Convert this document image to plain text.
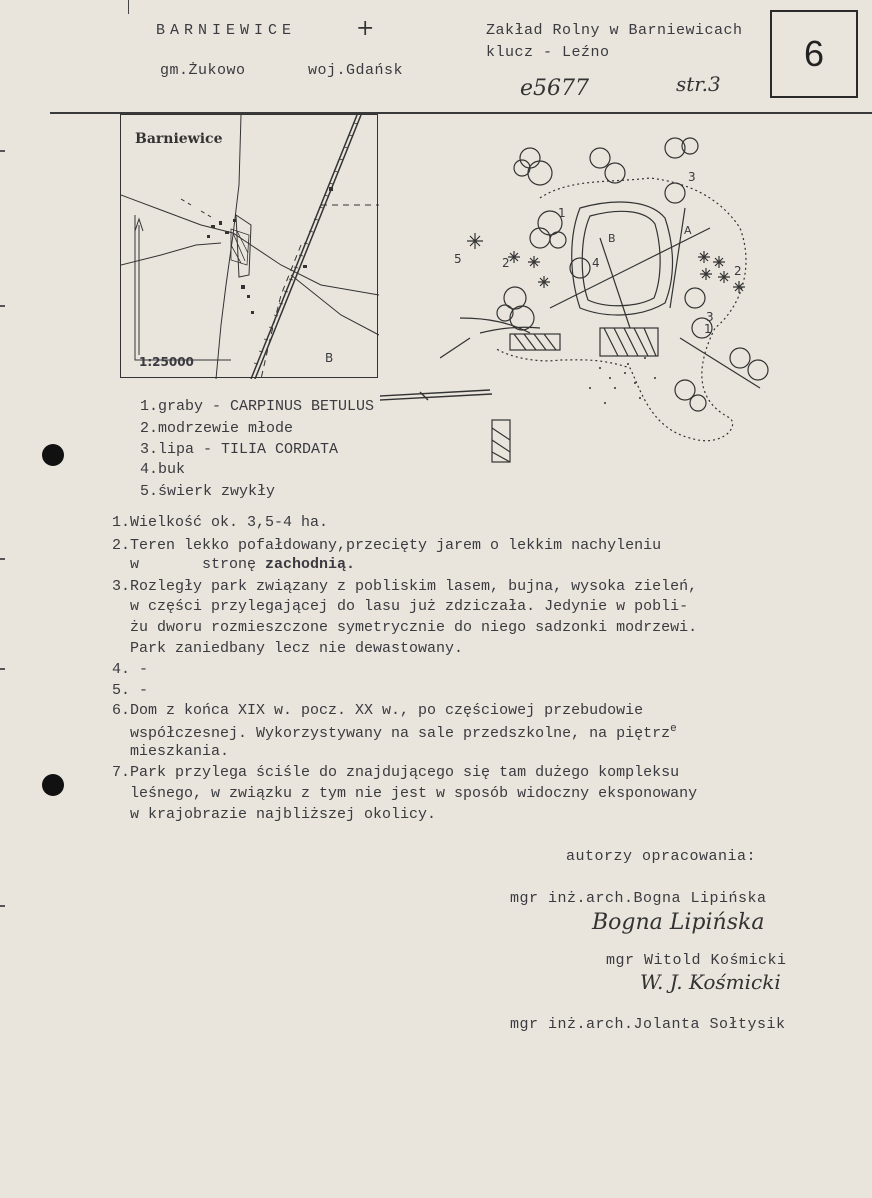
BARNIEWICE	+
gm.Żukowo	woj.Gdańsk
Zakład Rolny w Barniewicach
klucz - Leźno
e5677	str.3
6
Barniewice
1:25000	B
1
2
3
4
5
2
3
1
A
B
1.graby - CARPINUS BETULUS
2.modrzewie młode
3.lipa - TILIA CORDATA
4.buk
5.świerk zwykły
1.Wielkość ok. 3,5-4 ha.
2.Teren lekko pofałdowany,przecięty jarem o lekkim nachyleniu
w       stronę zachodnią.
3.Rozległy park związany z pobliskim lasem, bujna, wysoka zieleń,
w części przylegającej do lasu już zdziczała. Jedynie w pobli-
żu dworu rozmieszczone symetrycznie do niego sadzonki modrzewi.
Park zaniedbany lecz nie dewastowany.
4. -
5. -
6.Dom z końca XIX w. pocz. XX w., po częściowej przebudowie
współczesnej. Wykorzystywany na sale przedszkolne, na piętrz$^e$
mieszkania.
7.Park przylega ściśle do znajdującego się tam dużego kompleksu
leśnego, w związku z tym nie jest w sposób widoczny eksponowany
w krajobrazie najbliższej okolicy.
autorzy opracowania:
mgr inż.arch.Bogna Lipińska
Bogna Lipińska
mgr Witold Kośmicki
W. J. Kośmicki
mgr inż.arch.Jolanta Sołtysik
